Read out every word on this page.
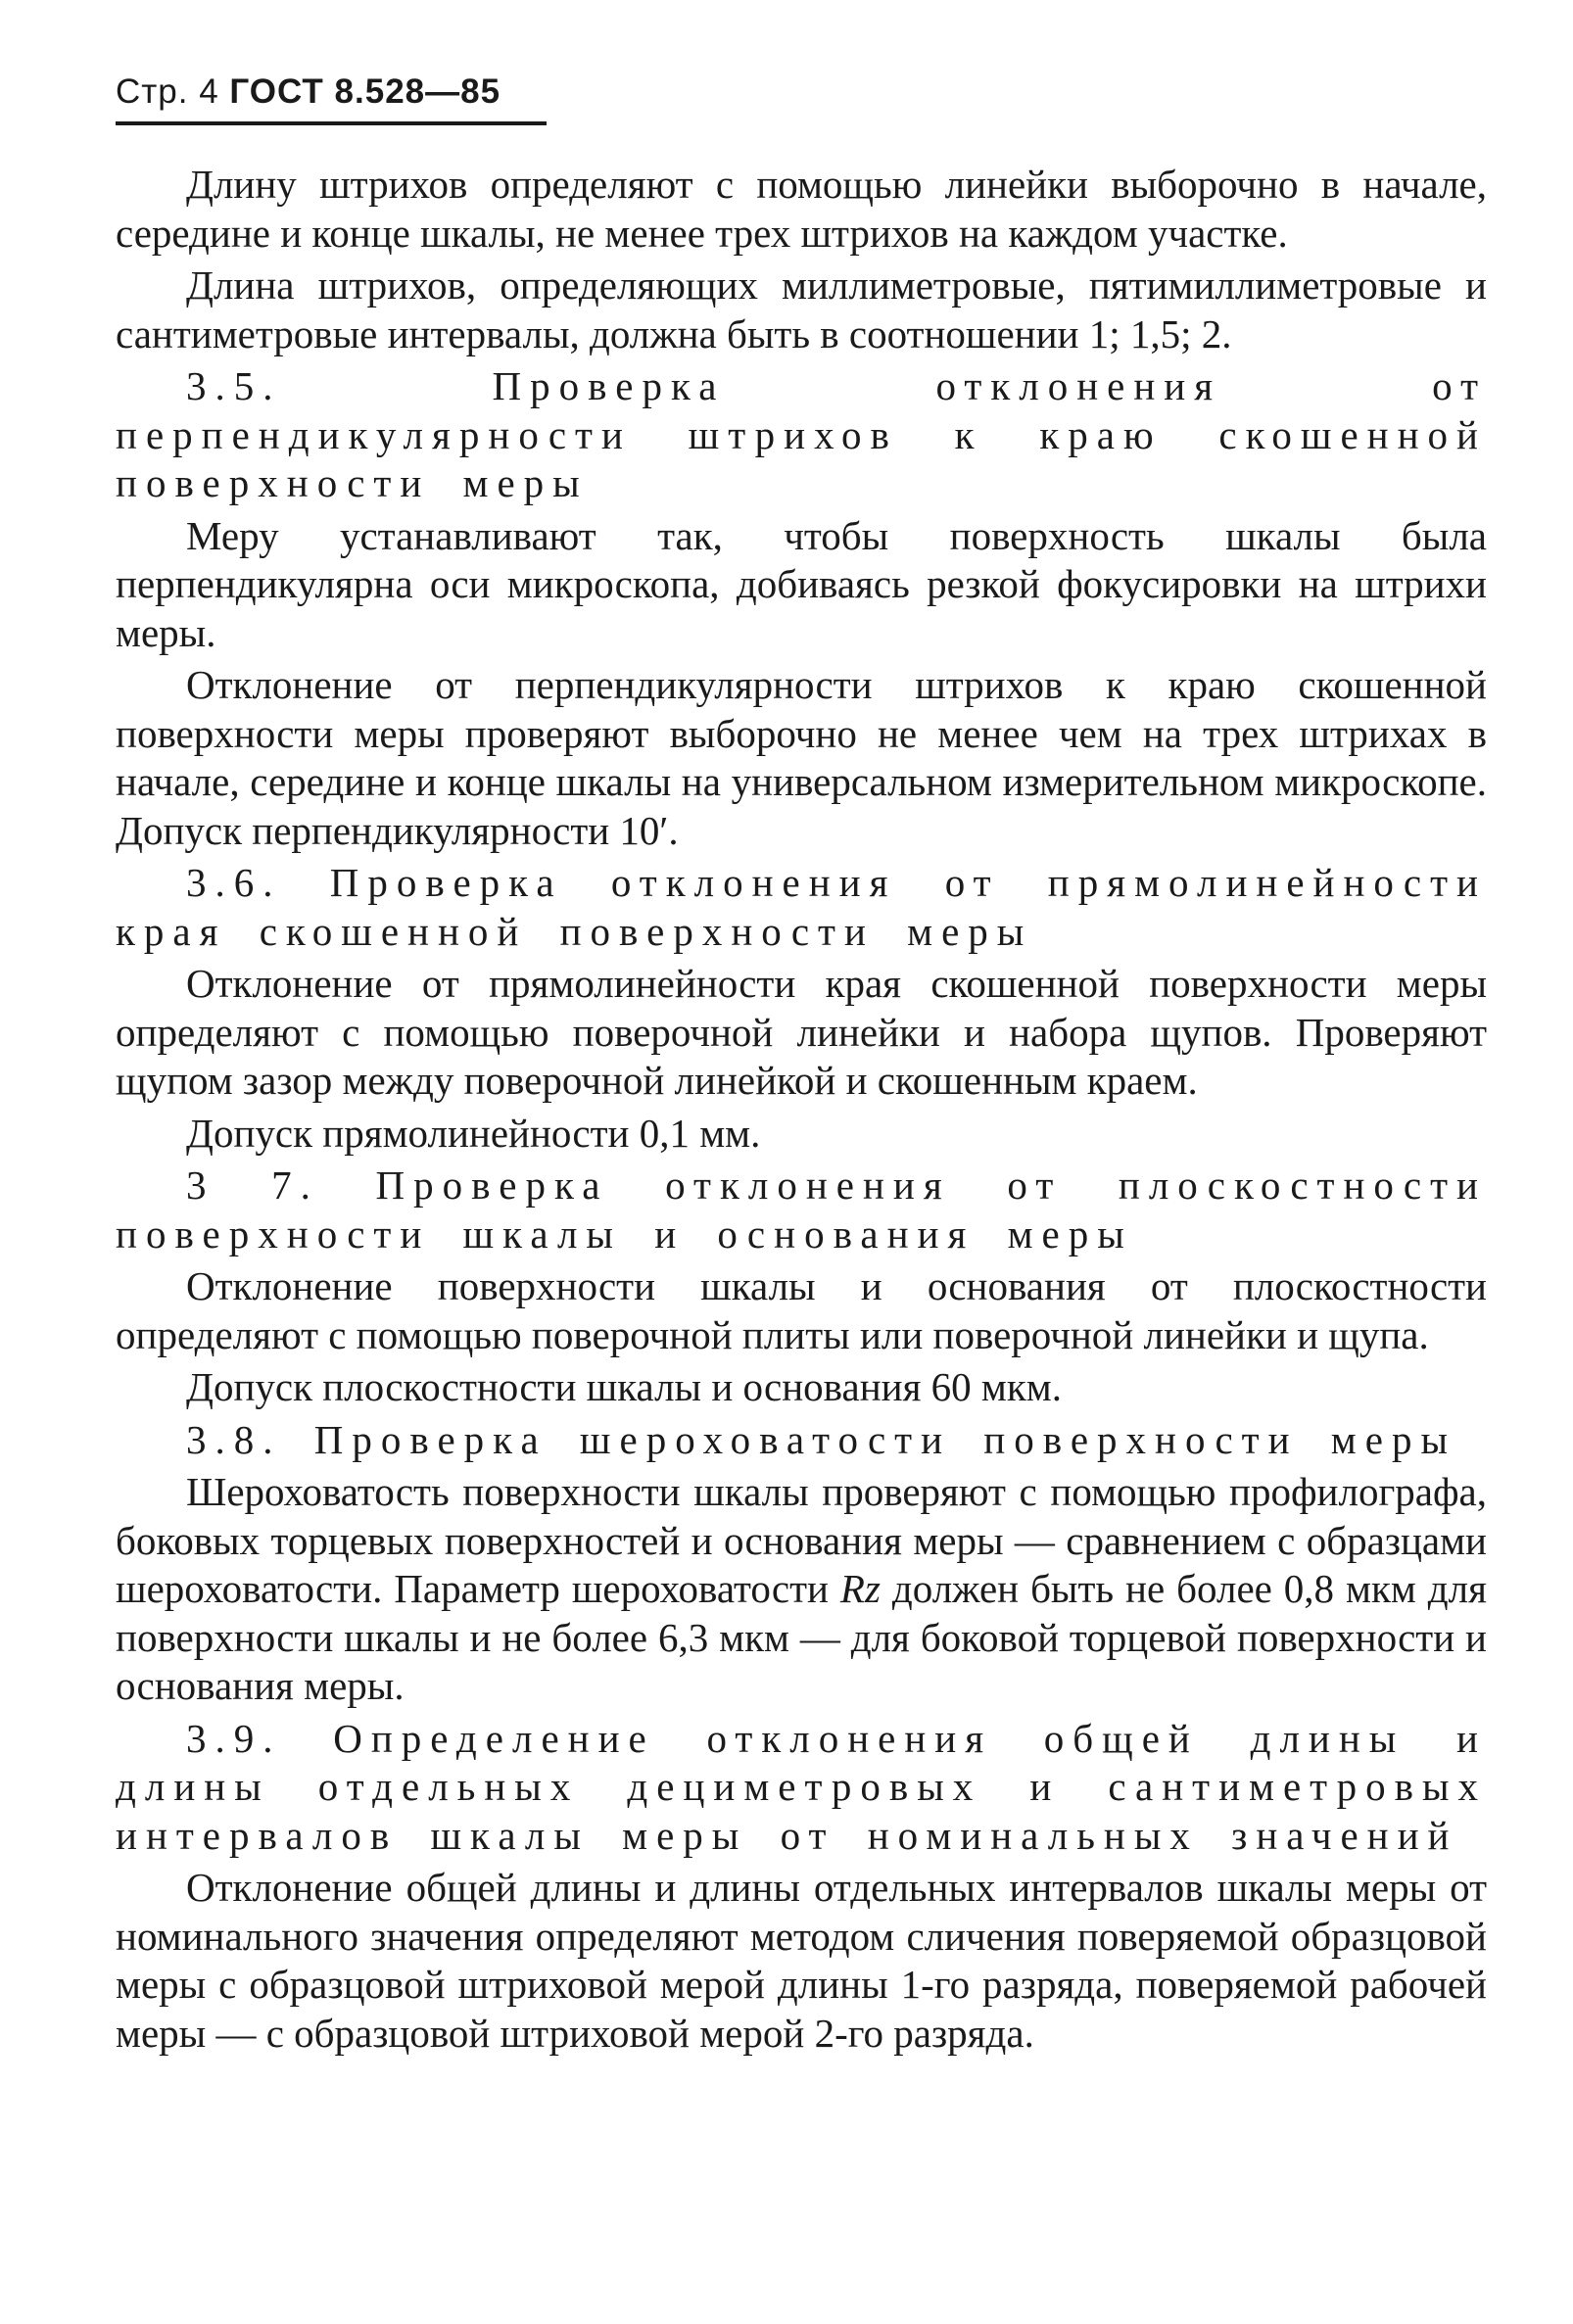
Стр. 4 ГОСТ 8.528—85

Длину штрихов определяют с помощью линейки выборочно в начале, середине и конце шкалы, не менее трех штрихов на каждом участке.

Длина штрихов, определяющих миллиметровые, пятимиллиметровые и сантиметровые интервалы, должна быть в соотношении 1; 1,5; 2.

3.5. Проверка отклонения от перпендикулярности штрихов к краю скошенной поверхности меры

Меру устанавливают так, чтобы поверхность шкалы была перпендикулярна оси микроскопа, добиваясь резкой фокусировки на штрихи меры.

Отклонение от перпендикулярности штрихов к краю скошенной поверхности меры проверяют выборочно не менее чем на трех штрихах в начале, середине и конце шкалы на универсальном измерительном микроскопе. Допуск перпендикулярности 10′.

3.6. Проверка отклонения от прямолинейности края скошенной поверхности меры

Отклонение от прямолинейности края скошенной поверхности меры определяют с помощью поверочной линейки и набора щупов. Проверяют щупом зазор между поверочной линейкой и скошенным краем.

Допуск прямолинейности 0,1 мм.

3 7. Проверка отклонения от плоскостности поверхности шкалы и основания меры

Отклонение поверхности шкалы и основания от плоскостности определяют с помощью поверочной плиты или поверочной линейки и щупа.

Допуск плоскостности шкалы и основания 60 мкм.

3.8. Проверка шероховатости поверхности меры

Шероховатость поверхности шкалы проверяют с помощью профилографа, боковых торцевых поверхностей и основания меры — сравнением с образцами шероховатости. Параметр шероховатости Rz должен быть не более 0,8 мкм для поверхности шкалы и не более 6,3 мкм — для боковой торцевой поверхности и основания меры.

3.9. Определение отклонения общей длины и длины отдельных дециметровых и сантиметровых интервалов шкалы меры от номинальных значений

Отклонение общей длины и длины отдельных интервалов шкалы меры от номинального значения определяют методом сличения поверяемой образцовой меры с образцовой штриховой мерой длины 1-го разряда, поверяемой рабочей меры — с образцовой штриховой мерой 2-го разряда.
